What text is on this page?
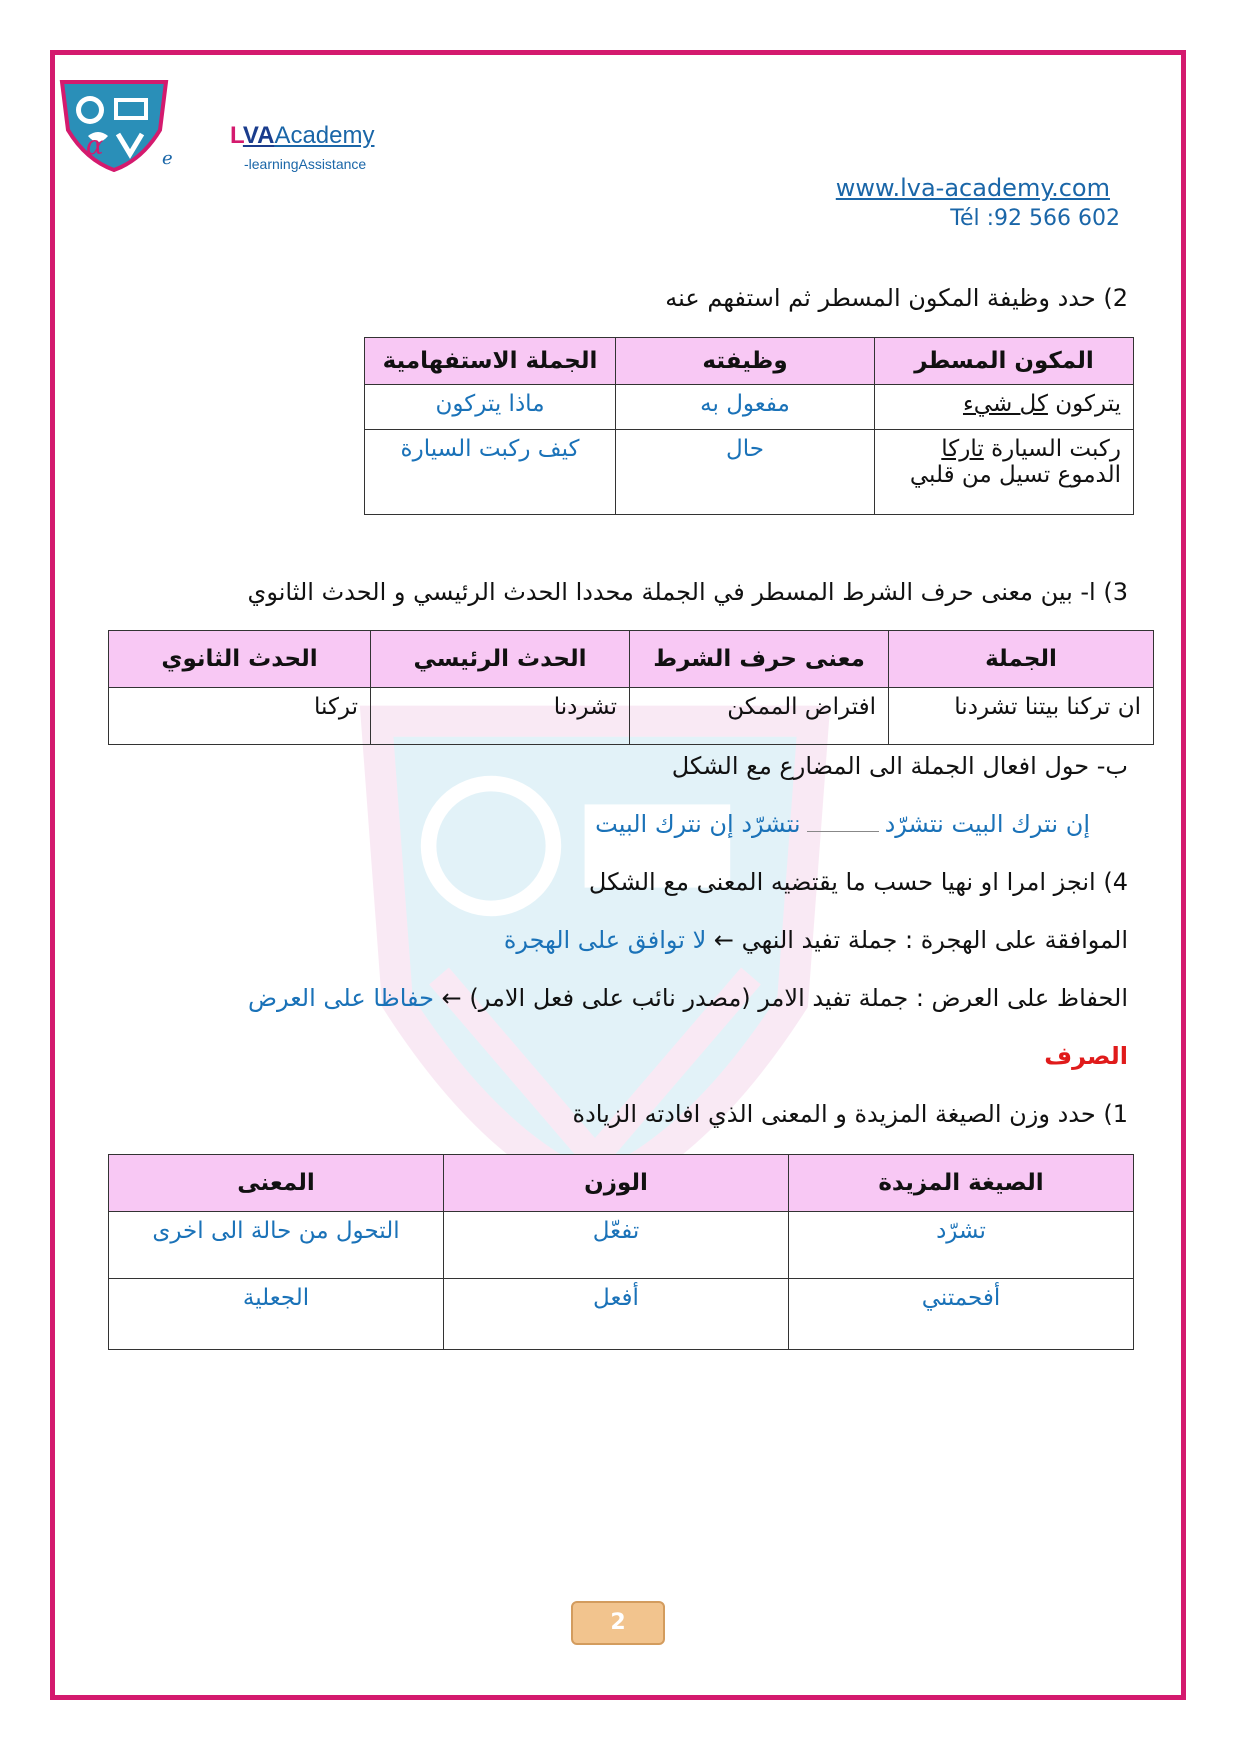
α	e
LVAAcademy
-learningAssistance
www.lva-academy.com
Tél :92 566 602
2) حدد وظيفة المكون المسطر ثم استفهم عنه
المكون المسطر	وظيفته	الجملة الاستفهامية
يتركون كل شيء	مفعول به	ماذا يتركون
ركبت السيارة تاركا
الدموع تسيل من قلبي	حال	كيف ركبت السيارة
3) ا- بين معنى حرف الشرط المسطر في الجملة محددا الحدث الرئيسي و الحدث الثانوي
الجملة	معنى حرف الشرط	الحدث الرئيسي	الحدث الثانوي
ان تركنا بيتنا تشردنا	افتراض الممكن	تشردنا	تركنا
ب- حول افعال الجملة الى المضارع مع الشكل
إن نترك البيت نتشرّدنتشرّد إن نترك البيت
4) انجز امرا او نهيا حسب ما يقتضيه المعنى مع الشكل
الموافقة على الهجرة : جملة تفيد النهي ← لا توافق على الهجرة
الحفاظ على العرض : جملة تفيد الامر (مصدر نائب على فعل الامر) ← حفاظا على العرض
الصرف
1) حدد وزن الصيغة المزيدة و المعنى الذي افادته الزيادة
الصيغة المزيدة	الوزن	المعنى
تشرّد	تفعّل	التحول من حالة الى اخرى
أفحمتني	أفعل	الجعلية
2
